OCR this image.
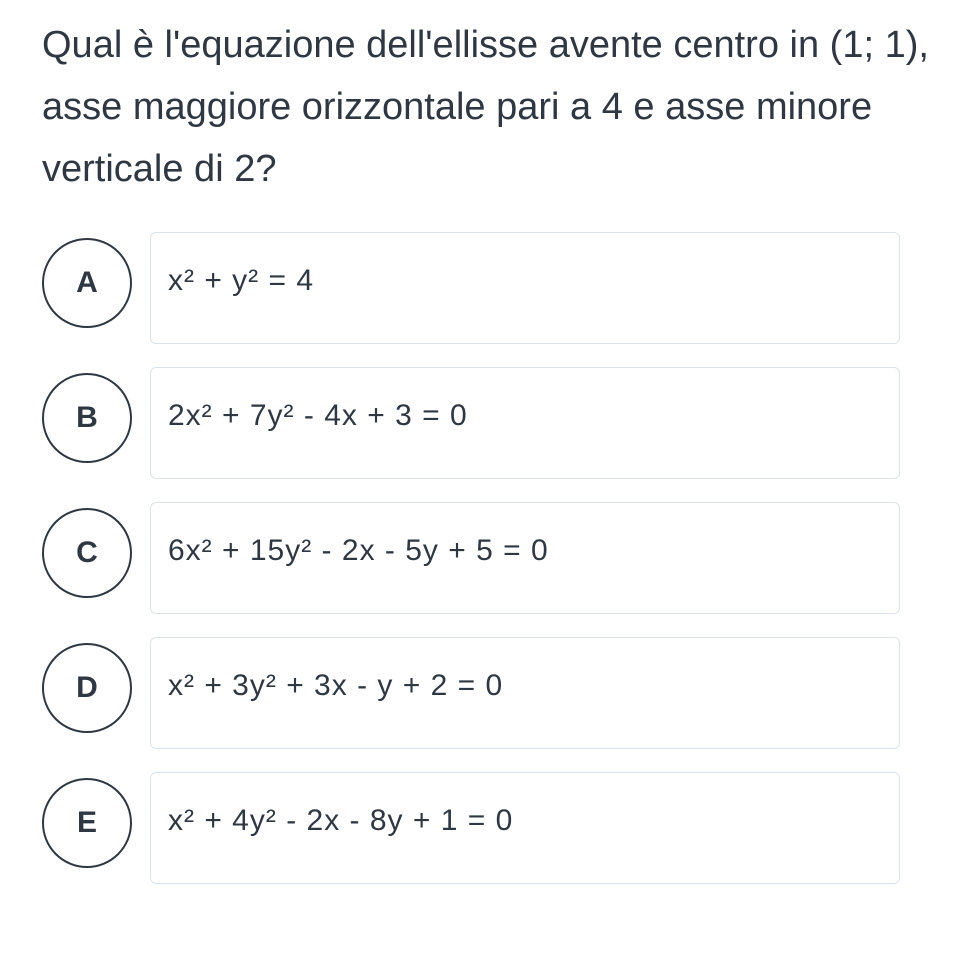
Qual è l'equazione dell'ellisse avente centro in (1; 1), asse maggiore orizzontale pari a 4 e asse minore verticale di 2?

A	x² + y² = 4
B	2x² + 7y² - 4x + 3 = 0
C	6x² + 15y² - 2x - 5y + 5 = 0
D	x² + 3y² + 3x - y + 2 = 0
E	x² + 4y² - 2x - 8y + 1 = 0
